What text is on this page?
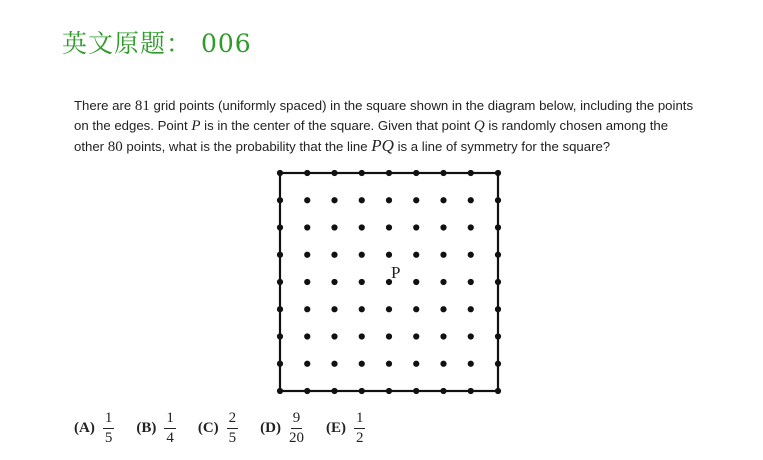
英文原题： 006
There are 81 grid points (uniformly spaced) in the square shown in the diagram below, including the points
on the edges. Point P is in the center of the square. Given that point Q is randomly chosen among the
other 80 points, what is the probability that the line PQ is a line of symmetry for the square?
P
$(A) \frac{1}{5} (B) \frac{1}{4} (C) \frac{2}{5} (D) \frac{9}{20} (E) \frac{1}{2}$
